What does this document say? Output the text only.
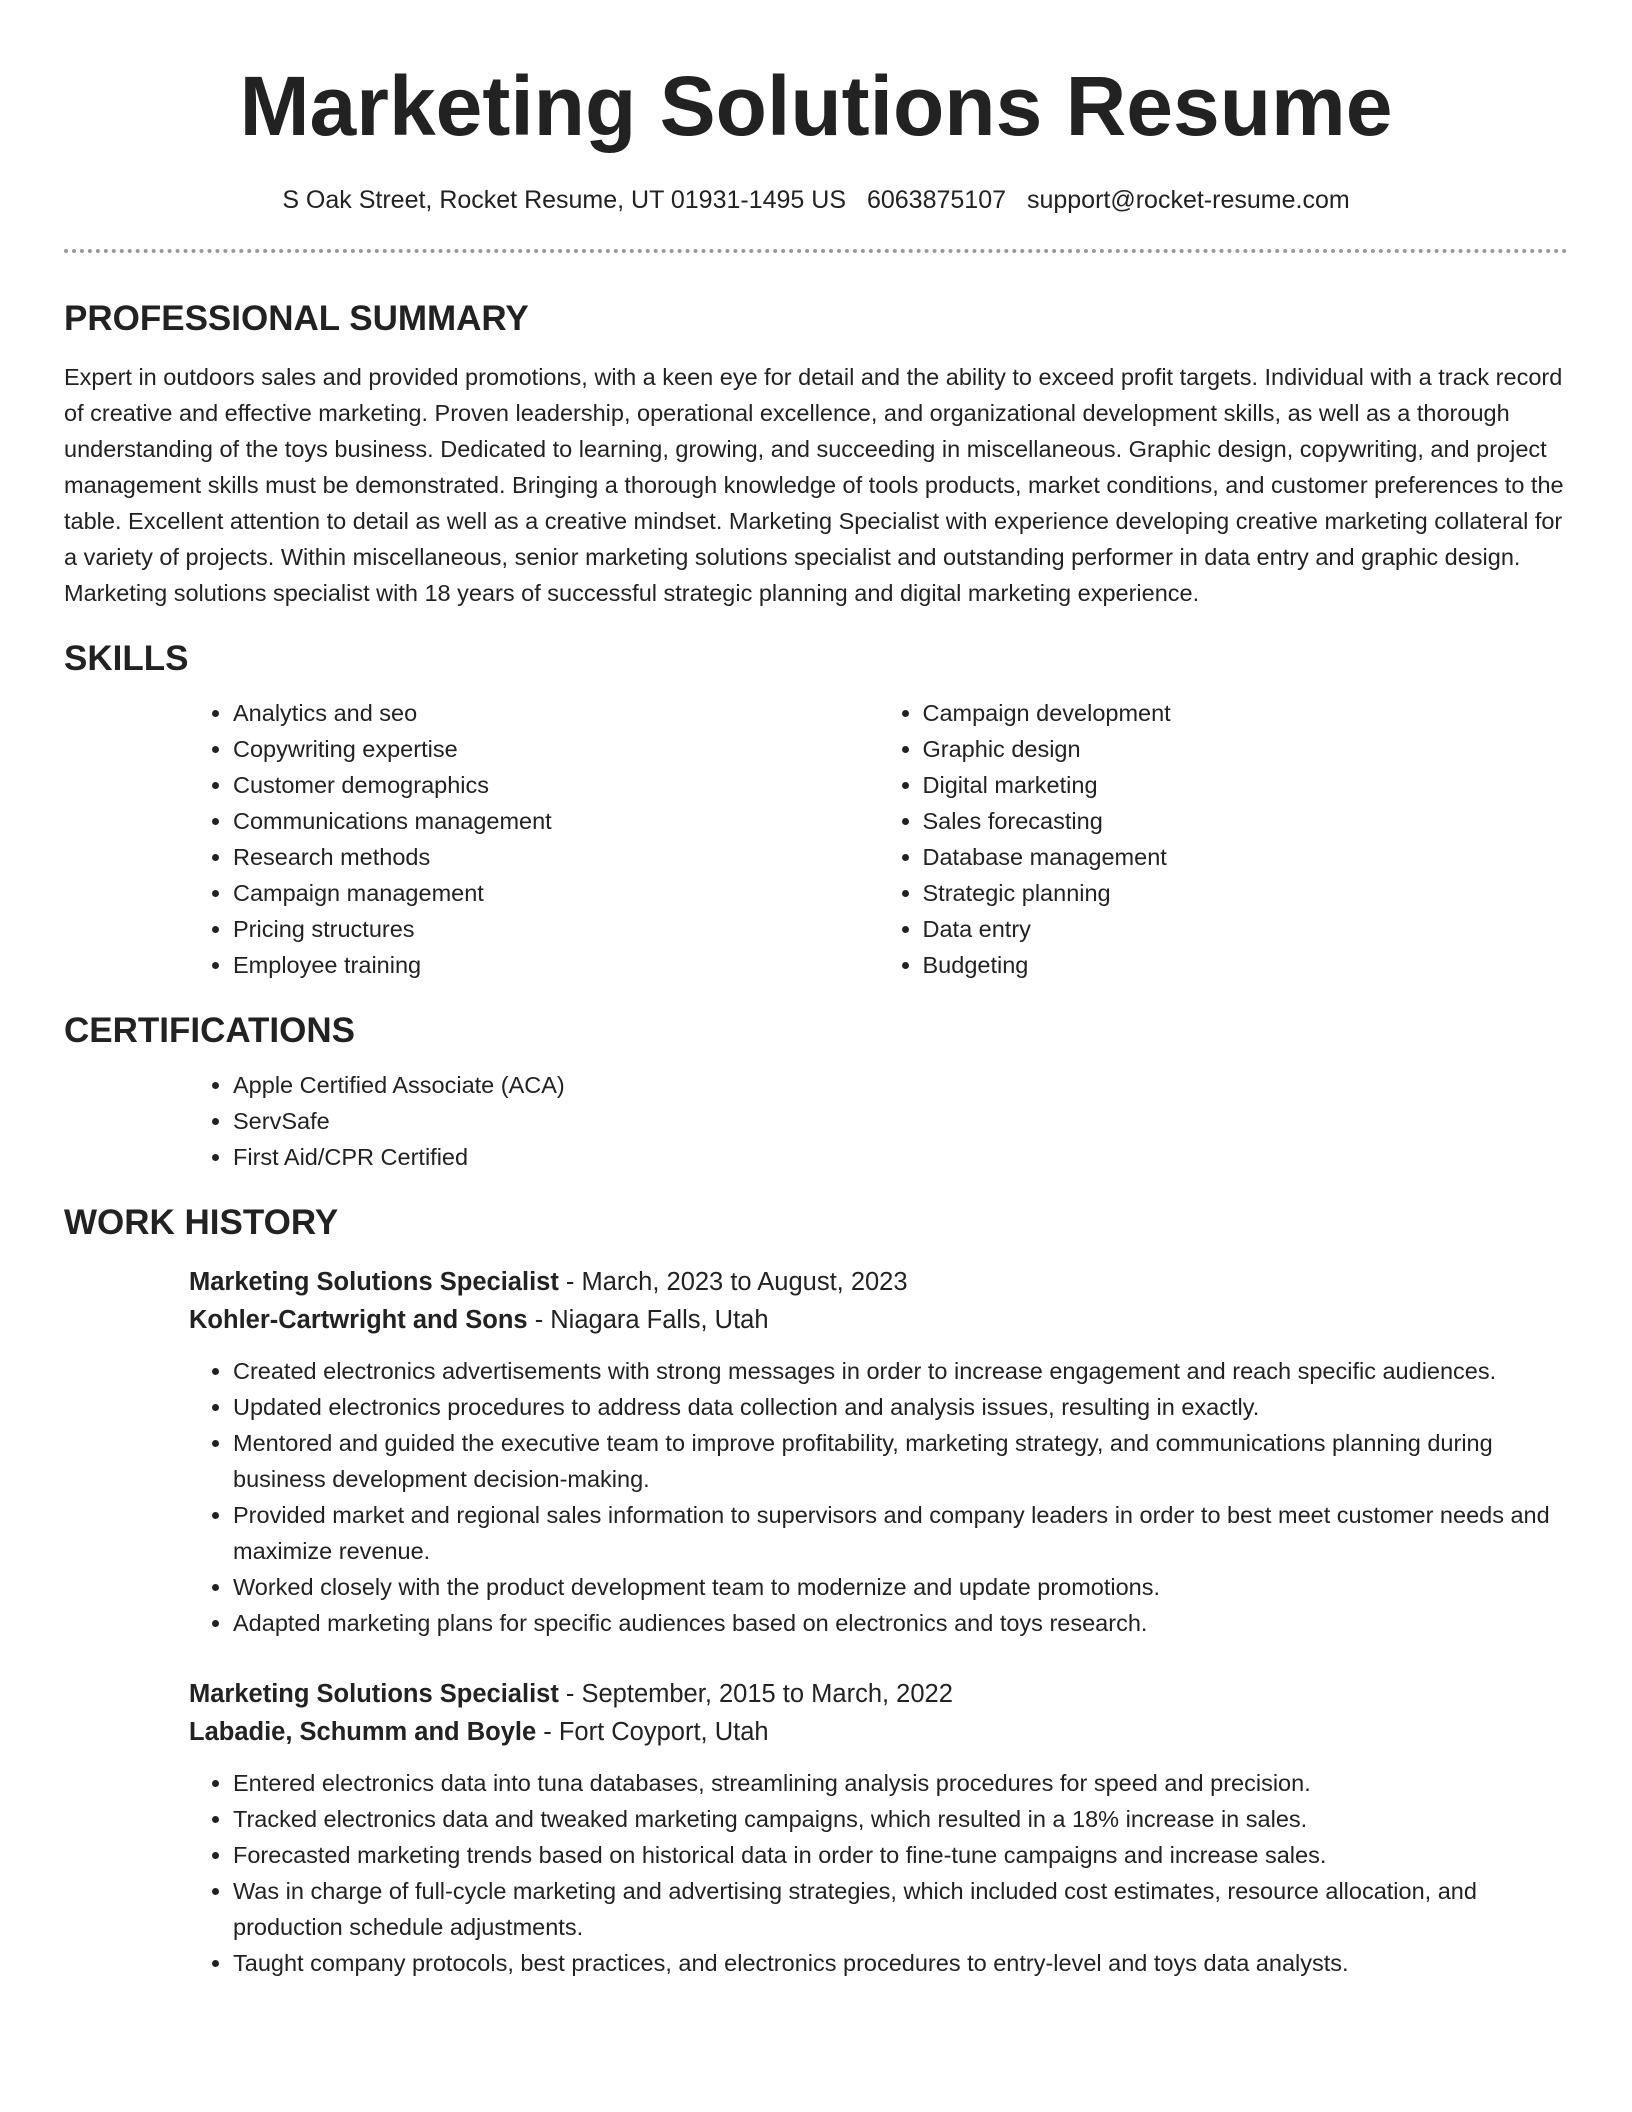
Marketing Solutions Resume
S Oak Street, Rocket Resume, UT 01931-1495 US 6063875107 support@rocket-resume.com
PROFESSIONAL SUMMARY

Expert in outdoors sales and provided promotions, with a keen eye for detail and the ability to exceed profit targets. Individual with a track record of creative and effective marketing. Proven leadership, operational excellence, and organizational development skills, as well as a thorough understanding of the toys business. Dedicated to learning, growing, and succeeding in miscellaneous. Graphic design, copywriting, and project management skills must be demonstrated. Bringing a thorough knowledge of tools products, market conditions, and customer preferences to the table. Excellent attention to detail as well as a creative mindset. Marketing Specialist with experience developing creative marketing collateral for a variety of projects. Within miscellaneous, senior marketing solutions specialist and outstanding performer in data entry and graphic design. Marketing solutions specialist with 18 years of successful strategic planning and digital marketing experience.

SKILLS
• Analytics and seo
• Copywriting expertise
• Customer demographics
• Communications management
• Research methods
• Campaign management
• Pricing structures
• Employee training
• Campaign development
• Graphic design
• Digital marketing
• Sales forecasting
• Database management
• Strategic planning
• Data entry
• Budgeting
CERTIFICATIONS
• Apple Certified Associate (ACA)
• ServSafe
• First Aid/CPR Certified
WORK HISTORY
Marketing Solutions Specialist - March, 2023 to August, 2023
Kohler-Cartwright and Sons - Niagara Falls, Utah
• Created electronics advertisements with strong messages in order to increase engagement and reach specific audiences.
• Updated electronics procedures to address data collection and analysis issues, resulting in exactly.
• Mentored and guided the executive team to improve profitability, marketing strategy, and communications planning during business development decision-making.
• Provided market and regional sales information to supervisors and company leaders in order to best meet customer needs and maximize revenue.
• Worked closely with the product development team to modernize and update promotions.
• Adapted marketing plans for specific audiences based on electronics and toys research.
Marketing Solutions Specialist - September, 2015 to March, 2022
Labadie, Schumm and Boyle - Fort Coyport, Utah
• Entered electronics data into tuna databases, streamlining analysis procedures for speed and precision.
• Tracked electronics data and tweaked marketing campaigns, which resulted in a 18% increase in sales.
• Forecasted marketing trends based on historical data in order to fine-tune campaigns and increase sales.
• Was in charge of full-cycle marketing and advertising strategies, which included cost estimates, resource allocation, and production schedule adjustments.
• Taught company protocols, best practices, and electronics procedures to entry-level and toys data analysts.
